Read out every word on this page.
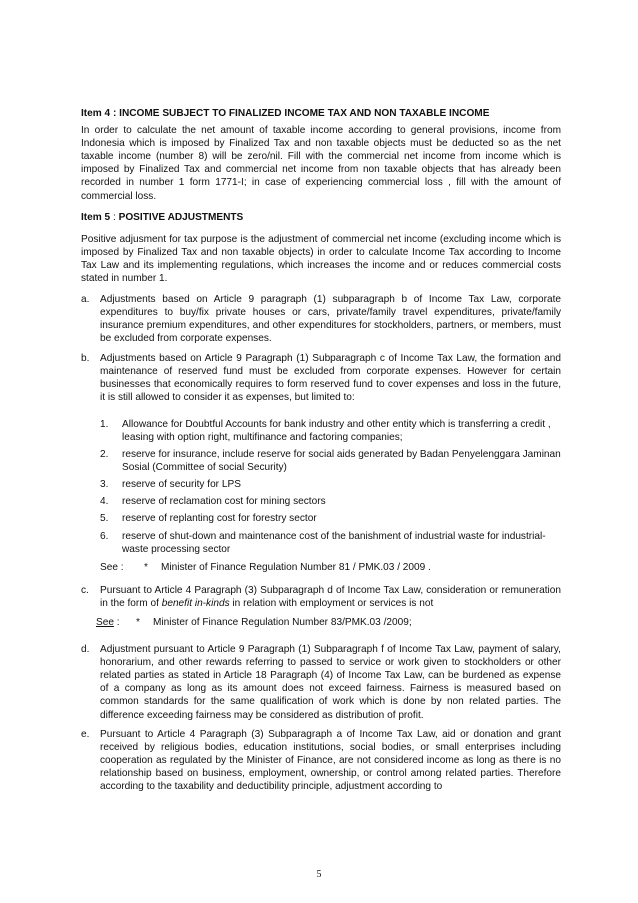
Item 4 : INCOME SUBJECT TO FINALIZED INCOME TAX AND NON TAXABLE INCOME
In order to calculate the net amount of taxable income according to general provisions, income from Indonesia which is imposed by Finalized Tax and non taxable objects must be deducted so as the net taxable income (number 8) will be zero/nil. Fill with the commercial net income from income which is imposed by Finalized Tax and commercial net income from non taxable objects that has already been recorded in number 1 form 1771-I; in case of experiencing commercial loss , fill with the amount of commercial loss.
Item 5 : POSITIVE ADJUSTMENTS
Positive adjusment for tax purpose is the adjustment of commercial net income (excluding income which is imposed by Finalized Tax and non taxable objects) in order to calculate Income Tax according to Income Tax Law and its implementing regulations, which increases the income and or reduces commercial costs stated in number 1.
a. Adjustments based on Article 9 paragraph (1) subparagraph b of Income Tax Law, corporate expenditures to buy/fix private houses or cars, private/family travel expenditures, private/family insurance premium expenditures, and other expenditures for stockholders, partners, or members, must be excluded from corporate expenses.
b. Adjustments based on Article 9 Paragraph (1) Subparagraph c of Income Tax Law, the formation and maintenance of reserved fund must be excluded from corporate expenses. However for certain businesses that economically requires to form reserved fund to cover expenses and loss in the future, it is still allowed to consider it as expenses, but limited to:
1. Allowance for Doubtful Accounts for bank industry and other entity which is transferring a credit , leasing with option right, multifinance and factoring companies;
2. reserve for insurance, include reserve for social aids generated by Badan Penyelenggara Jaminan Sosial (Committee of social Security)
3. reserve of security for LPS
4. reserve of reclamation cost for mining sectors
5. reserve of replanting cost for forestry sector
6. reserve of shut-down and maintenance cost of the banishment of industrial waste for industrial-waste processing sector
See : * Minister of Finance Regulation Number 81 / PMK.03 / 2009 .
c. Pursuant to Article 4 Paragraph (3) Subparagraph d of Income Tax Law, consideration or remuneration in the form of benefit in-kinds in relation with employment or services is not
See : * Minister of Finance Regulation Number 83/PMK.03 /2009;
d. Adjustment pursuant to Article 9 Paragraph (1) Subparagraph f of Income Tax Law, payment of salary, honorarium, and other rewards referring to passed to service or work given to stockholders or other related parties as stated in Article 18 Paragraph (4) of Income Tax Law, can be burdened as expense of a company as long as its amount does not exceed fairness. Fairness is measured based on common standards for the same qualification of work which is done by non related parties. The difference exceeding fairness may be considered as distribution of profit.
e. Pursuant to Article 4 Paragraph (3) Subparagraph a of Income Tax Law, aid or donation and grant received by religious bodies, education institutions, social bodies, or small enterprises including cooperation as regulated by the Minister of Finance, are not considered income as long as there is no relationship based on business, employment, ownership, or control among related parties. Therefore according to the taxability and deductibility principle, adjustment according to
5
